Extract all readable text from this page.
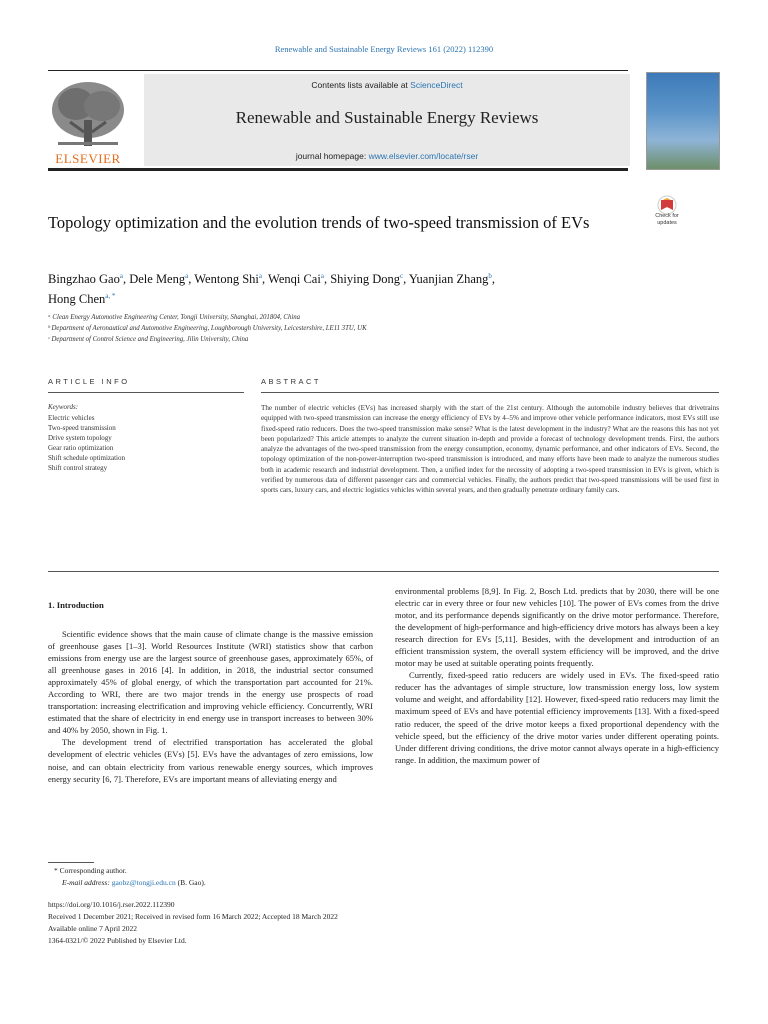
Renewable and Sustainable Energy Reviews 161 (2022) 112390
ELSEVIER
Contents lists available at ScienceDirect
Renewable and Sustainable Energy Reviews
journal homepage: www.elsevier.com/locate/rser
Topology optimization and the evolution trends of two-speed transmission of EVs	Check for
updates
Bingzhao Gao$^a$, Dele Meng$^a$, Wentong Shi$^a$, Wenqi Cai$^a$, Shiying Dong$^c$, Yuanjian Zhang$^b$,
Hong Chen$^{a, *}$
ᵃ Clean Energy Automotive Engineering Center, Tongji University, Shanghai, 201804, China
ᵇ Department of Aeronautical and Automotive Engineering, Loughborough University, Leicestershire, LE11 3TU, UK
ᶜ Department of Control Science and Engineering, Jilin University, China
ARTICLE INFO
Keywords:
Electric vehicles
Two-speed transmission
Drive system topology
Gear ratio optimization
Shift schedule optimization
Shift control strategy
ABSTRACT
The number of electric vehicles (EVs) has increased sharply with the start of the 21st century. Although the automobile industry believes that drivetrains equipped with two-speed transmission can increase the energy efficiency of EVs by 4–5% and improve other vehicle performance indicators, most EVs still use fixed-speed ratio reducers. Does the two-speed transmission make sense? What is the latest development in the industry? What are the reasons this has not yet been popularized? This article attempts to analyze the current situation in-depth and provide a forecast of technology development trends. First, the authors analyze the advantages of the two-speed transmission from the energy consumption, economy, dynamic performance, and other indicators of EVs. Second, the topology optimization of the non-power-interruption two-speed transmission is introduced, and many efforts have been made to analyze the numerous studies both in academic research and industrial development. Then, a unified index for the necessity of adopting a two-speed transmission in EVs is given, which is verified by numerous data of different passenger cars and commercial vehicles. Finally, the authors predict that two-speed transmissions will be used first in sports cars, luxury cars, and electric logistics vehicles within several years, and then gradually penetrate ordinary family cars.
1. Introduction

Scientific evidence shows that the main cause of climate change is the massive emission of greenhouse gases [1–3]. World Resources Institute (WRI) statistics show that carbon emissions from energy use are the largest source of greenhouse gases, approximately 65%, of all greenhouse gases in 2016 [4]. In addition, in 2018, the industrial sector consumed approximately 45% of global energy, of which the transportation part accounted for 21%. According to WRI, there are two major trends in the energy use prospects of road transportation: increasing electrification and improving vehicle efficiency. Concurrently, WRI estimated that the share of electricity in end energy use in transport increases to between 30% and 40% by 2050, shown in Fig. 1.

The development trend of electrified transportation has accelerated the global development of electric vehicles (EVs) [5]. EVs have the advantages of zero emissions, low noise, and can obtain electricity from various renewable energy sources, which improves energy security [6, 7]. Therefore, EVs are important means of alleviating energy and

environmental problems [8,9]. In Fig. 2, Bosch Ltd. predicts that by 2030, there will be one electric car in every three or four new vehicles [10]. The power of EVs comes from the drive motor, and its performance depends significantly on the drive motor performance. Therefore, the development of high-performance and high-efficiency drive motors has always been a key research direction for EVs [5,11]. Besides, with the development and introduction of an efficient transmission system, the overall system efficiency will be improved, and the drive motor may be used at suitable operating points frequently.

Currently, fixed-speed ratio reducers are widely used in EVs. The fixed-speed ratio reducer has the advantages of simple structure, low transmission energy loss, low system volume and weight, and affordability [12]. However, fixed-speed ratio reducers may limit the maximum speed of EVs and have potential efficiency improvements [13]. With a fixed-speed ratio reducer, the speed of the drive motor keeps a fixed proportional dependency with the vehicle speed, but the efficiency of the drive motor varies under different operating points. Under different driving conditions, the drive motor cannot always operate in a high-efficiency range. In addition, the maximum power of

* Corresponding author.
E-mail address: gaobz@tongji.edu.cn (B. Gao).
https://doi.org/10.1016/j.rser.2022.112390
Received 1 December 2021; Received in revised form 16 March 2022; Accepted 18 March 2022
Available online 7 April 2022
1364-0321/© 2022 Published by Elsevier Ltd.
